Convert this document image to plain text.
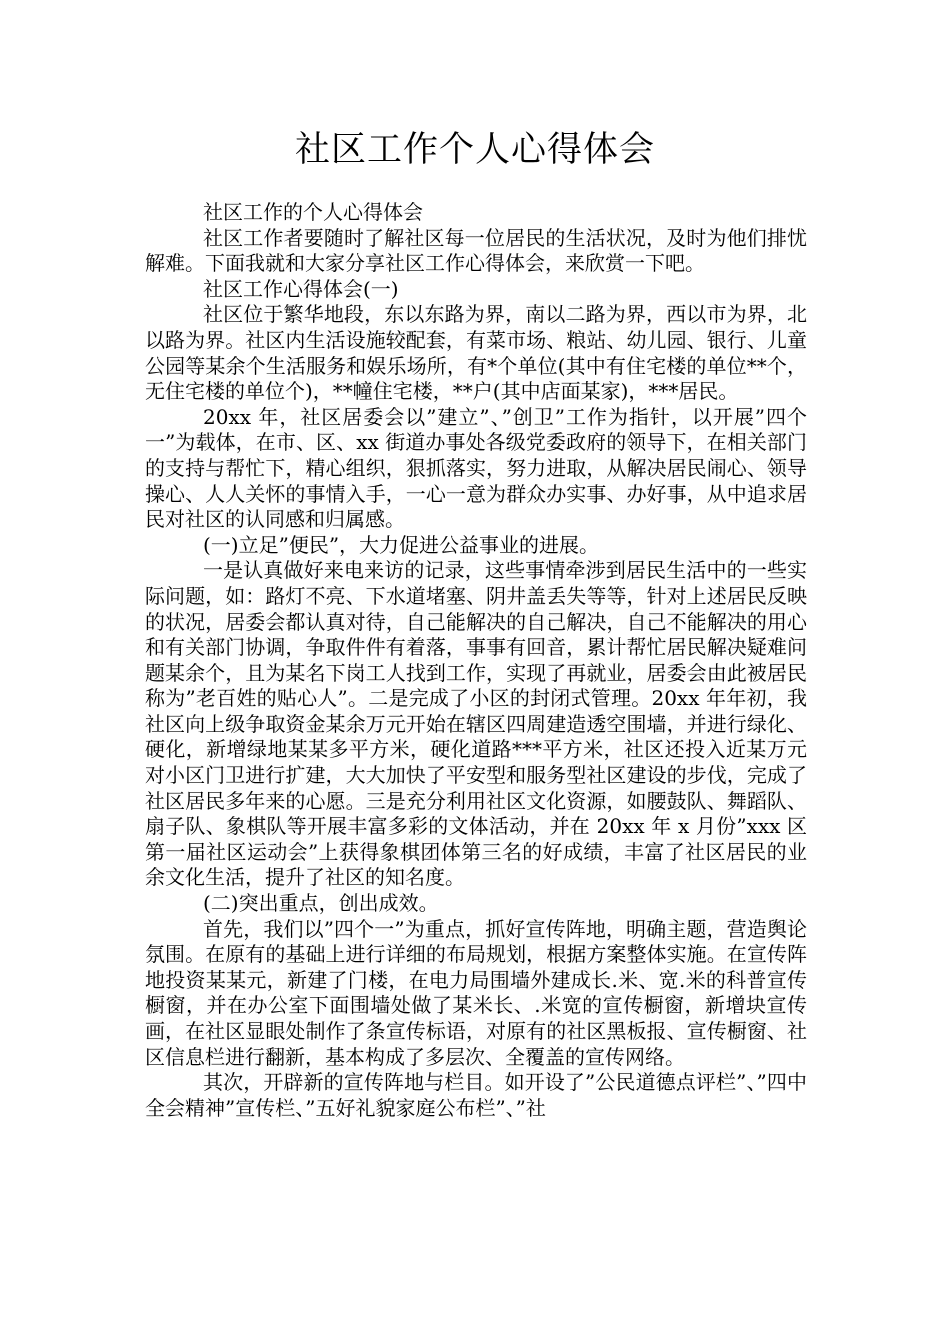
社区工作个人心得体会

社区工作的个人心得体会

社区工作者要随时了解社区每一位居民的生活状况，及时为他们排忧解难。下面我就和大家分享社区工作心得体会，来欣赏一下吧。

社区工作心得体会(一)

社区位于繁华地段，东以东路为界，南以二路为界，西以市为界，北以路为界。社区内生活设施较配套，有菜市场、粮站、幼儿园、银行、儿童公园等某余个生活服务和娱乐场所，有*个单位(其中有住宅楼的单位**个，无住宅楼的单位个)，**幢住宅楼，**户(其中店面某家)，***居民。

20xx 年，社区居委会以”建立”、”创卫”工作为指针，以开展”四个一”为载体，在市、区、xx 街道办事处各级党委政府的领导下，在相关部门的支持与帮忙下，精心组织，狠抓落实，努力进取，从解决居民闹心、领导操心、人人关怀的事情入手，一心一意为群众办实事、办好事，从中追求居民对社区的认同感和归属感。

(一)立足”便民”，大力促进公益事业的进展。

一是认真做好来电来访的记录，这些事情牵涉到居民生活中的一些实际问题，如：路灯不亮、下水道堵塞、阴井盖丢失等等，针对上述居民反映的状况，居委会都认真对待，自己能解决的自己解决，自己不能解决的用心和有关部门协调，争取件件有着落，事事有回音，累计帮忙居民解决疑难问题某余个，且为某名下岗工人找到工作，实现了再就业，居委会由此被居民称为”老百姓的贴心人”。二是完成了小区的封闭式管理。20xx 年年初，我社区向上级争取资金某余万元开始在辖区四周建造透空围墙，并进行绿化、硬化，新增绿地某某多平方米，硬化道路***平方米，社区还投入近某万元对小区门卫进行扩建，大大加快了平安型和服务型社区建设的步伐，完成了社区居民多年来的心愿。三是充分利用社区文化资源，如腰鼓队、舞蹈队、扇子队、象棋队等开展丰富多彩的文体活动，并在 20xx 年 x 月份”xxx 区第一届社区运动会”上获得象棋团体第三名的好成绩，丰富了社区居民的业余文化生活，提升了社区的知名度。

(二)突出重点，创出成效。

首先，我们以”四个一”为重点，抓好宣传阵地，明确主题，营造舆论氛围。在原有的基础上进行详细的布局规划，根据方案整体实施。在宣传阵地投资某某元，新建了门楼，在电力局围墙外建成长.米、宽.米的科普宣传橱窗，并在办公室下面围墙处做了某米长、.米宽的宣传橱窗，新增块宣传画，在社区显眼处制作了条宣传标语，对原有的社区黑板报、宣传橱窗、社区信息栏进行翻新，基本构成了多层次、全覆盖的宣传网络。

其次，开辟新的宣传阵地与栏目。如开设了”公民道德点评栏”、”四中全会精神”宣传栏、”五好礼貌家庭公布栏”、”社
